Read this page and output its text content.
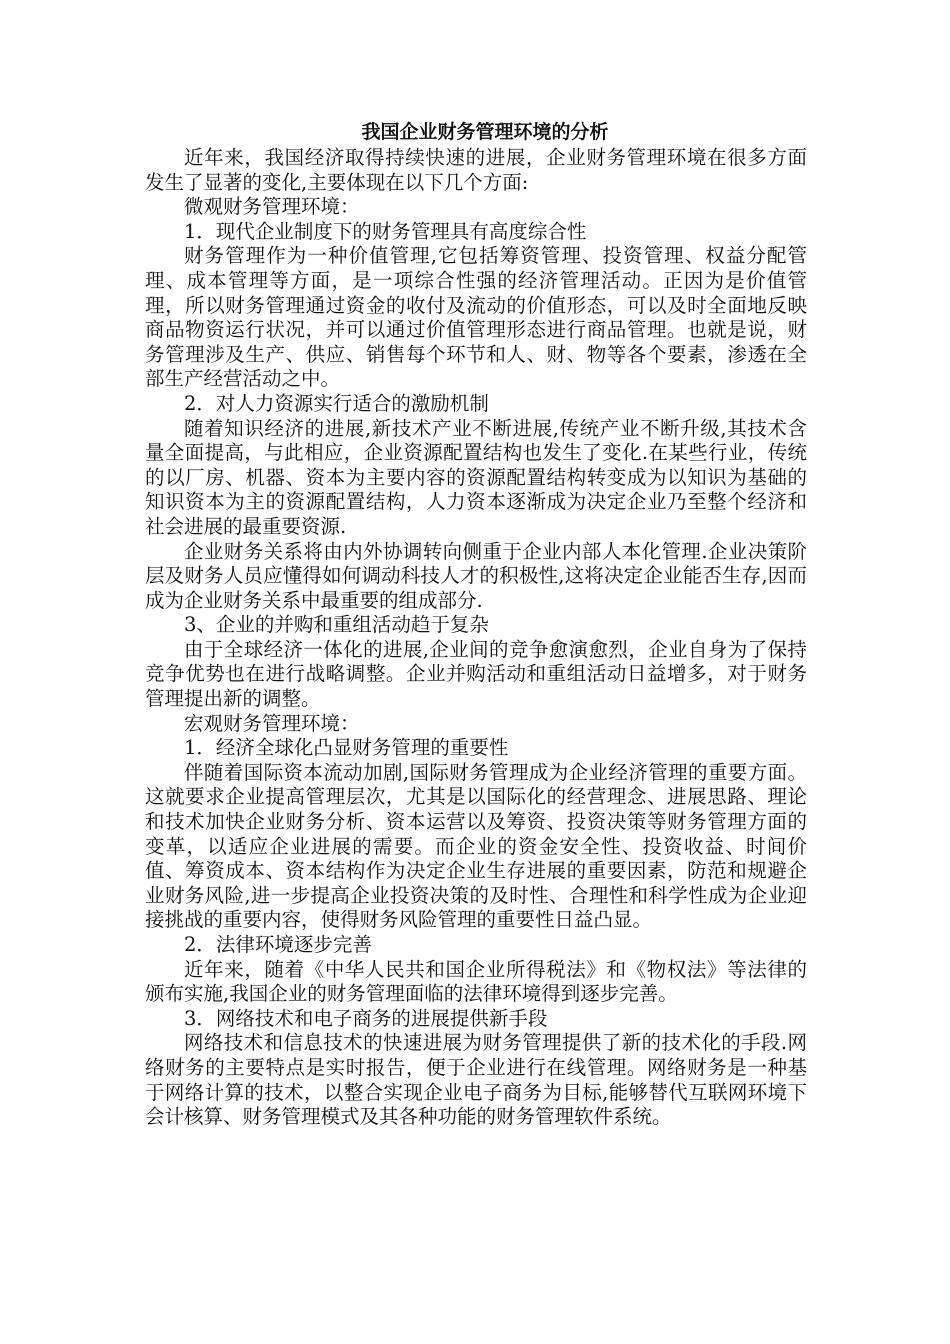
我国企业财务管理环境的分析

近年来，我国经济取得持续快速的进展，企业财务管理环境在很多方面发生了显著的变化,主要体现在以下几个方面:

微观财务管理环境：

1．现代企业制度下的财务管理具有高度综合性

财务管理作为一种价值管理,它包括筹资管理、投资管理、权益分配管理、成本管理等方面，是一项综合性强的经济管理活动。正因为是价值管理，所以财务管理通过资金的收付及流动的价值形态，可以及时全面地反映商品物资运行状况，并可以通过价值管理形态进行商品管理。也就是说，财务管理涉及生产、供应、销售每个环节和人、财、物等各个要素，渗透在全部生产经营活动之中。

2．对人力资源实行适合的激励机制

随着知识经济的进展,新技术产业不断进展,传统产业不断升级,其技术含量全面提高，与此相应，企业资源配置结构也发生了变化.在某些行业，传统的以厂房、机器、资本为主要内容的资源配置结构转变成为以知识为基础的知识资本为主的资源配置结构，人力资本逐渐成为决定企业乃至整个经济和社会进展的最重要资源.

企业财务关系将由内外协调转向侧重于企业内部人本化管理.企业决策阶层及财务人员应懂得如何调动科技人才的积极性,这将决定企业能否生存,因而成为企业财务关系中最重要的组成部分.

3、企业的并购和重组活动趋于复杂

由于全球经济一体化的进展,企业间的竞争愈演愈烈，企业自身为了保持竞争优势也在进行战略调整。企业并购活动和重组活动日益增多，对于财务管理提出新的调整。

宏观财务管理环境：

1．经济全球化凸显财务管理的重要性

伴随着国际资本流动加剧,国际财务管理成为企业经济管理的重要方面。这就要求企业提高管理层次，尤其是以国际化的经营理念、进展思路、理论和技术加快企业财务分析、资本运营以及筹资、投资决策等财务管理方面的变革，以适应企业进展的需要。而企业的资金安全性、投资收益、时间价值、筹资成本、资本结构作为决定企业生存进展的重要因素，防范和规避企业财务风险,进一步提高企业投资决策的及时性、合理性和科学性成为企业迎接挑战的重要内容，使得财务风险管理的重要性日益凸显。

2．法律环境逐步完善

近年来，随着《中华人民共和国企业所得税法》和《物权法》等法律的颁布实施,我国企业的财务管理面临的法律环境得到逐步完善。

3．网络技术和电子商务的进展提供新手段

网络技术和信息技术的快速进展为财务管理提供了新的技术化的手段.网络财务的主要特点是实时报告，便于企业进行在线管理。网络财务是一种基于网络计算的技术，以整合实现企业电子商务为目标,能够替代互联网环境下会计核算、财务管理模式及其各种功能的财务管理软件系统。
